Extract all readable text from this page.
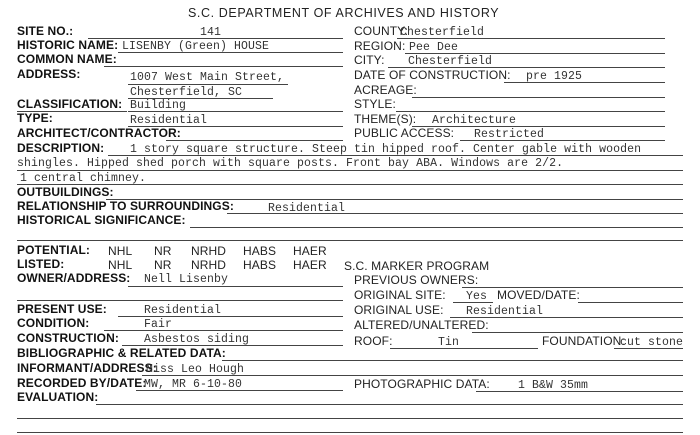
S.C. DEPARTMENT OF ARCHIVES AND HISTORY
SITE NO.:	141
HISTORIC NAME: LISENBY (Green) HOUSE
COMMON NAME:
ADDRESS:	1007 West Main Street,
Chesterfield, SC
CLASSIFICATION: Building
TYPE:	Residential
ARCHITECT/CONTRACTOR:
COUNTY:
Chesterfield
REGION: Pee Dee
CITY: Chesterfield
DATE OF CONSTRUCTION: pre 1925
ACREAGE:
STYLE:
THEME(S): Architecture
PUBLIC ACCESS: Restricted
DESCRIPTION: 1 story square structure. Steep tin hipped roof. Center gable with wooden
shingles. Hipped shed porch with square posts. Front bay ABA. Windows are 2/2.
1 central chimney.
OUTBUILDINGS:
RELATIONSHIP TO SURROUNDINGS:	Residential
HISTORICAL SIGNIFICANCE:
POTENTIAL: NHL NR NRHD HABS HAER
LISTED:	NHL NR NRHD HABS HAER S.C. MARKER PROGRAM
OWNER/ADDRESS: Nell Lisenby	PREVIOUS OWNERS:
ORIGINAL SITE: Yes MOVED/DATE:
ORIGINAL USE: Residential
ALTERED/UNALTERED:
ROOF:	Tin	FOUNDATION:
cut stone
PRESENT USE:	Residential
CONDITION:	Fair
CONSTRUCTION: Asbestos siding
BIBLIOGRAPHIC & RELATED DATA:
INFORMANT/ADDRESS:
Miss Leo Hough
RECORDED BY/DATE:
MW, MR 6-10-80	PHOTOGRAPHIC DATA: 1 B&W 35mm
EVALUATION:
